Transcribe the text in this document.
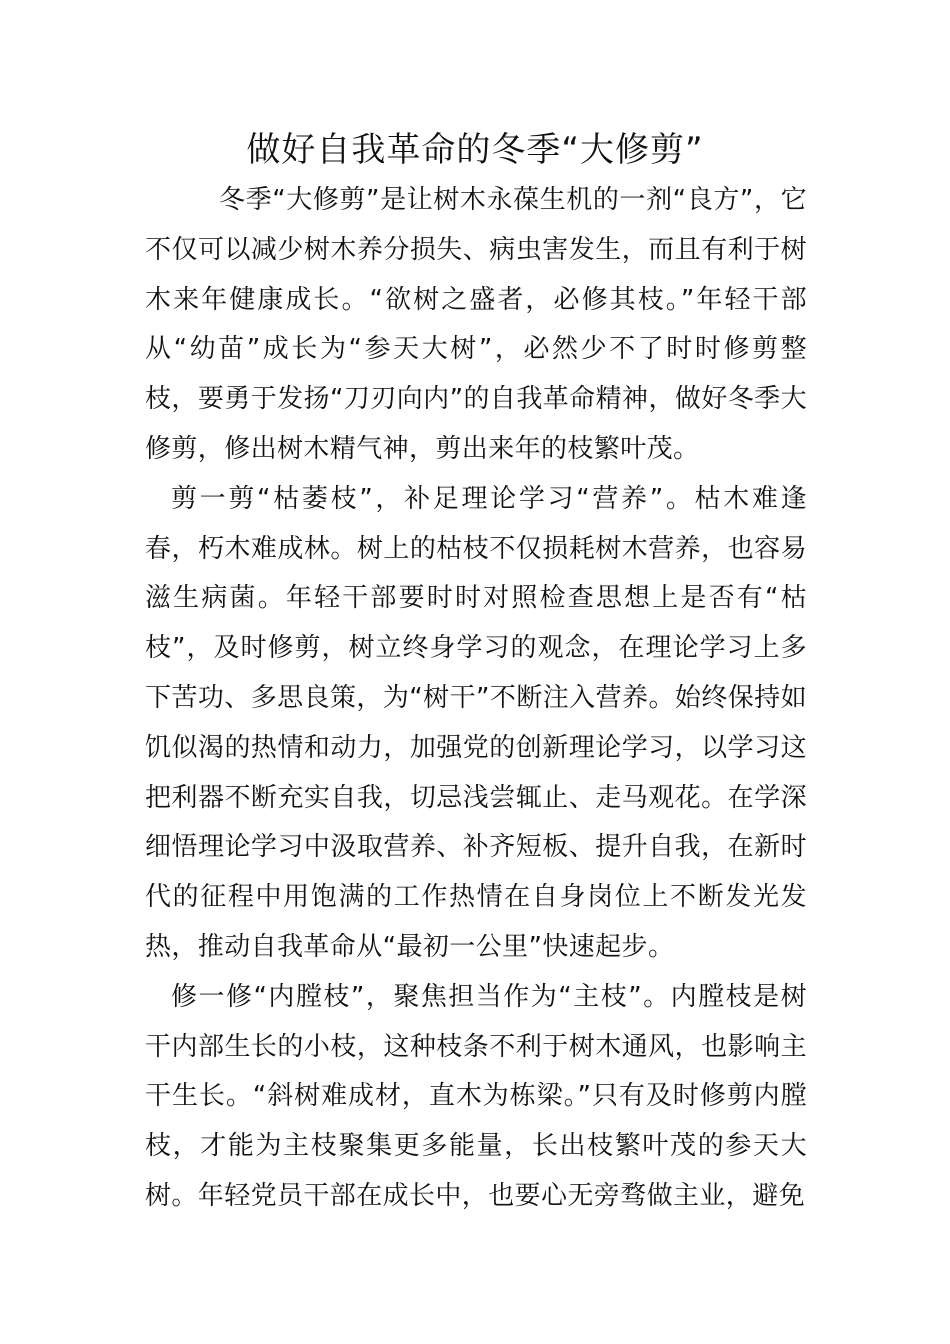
做好自我革命的冬季“大修剪”

冬季“大修剪”是让树木永葆生机的一剂“良方”，它不仅可以减少树木养分损失、病虫害发生，而且有利于树木来年健康成长。“欲树之盛者，必修其枝。”年轻干部从“幼苗”成长为“参天大树”，必然少不了时时修剪整枝，要勇于发扬“刀刃向内”的自我革命精神，做好冬季大修剪，修出树木精气神，剪出来年的枝繁叶茂。

剪一剪“枯萎枝”，补足理论学习“营养”。枯木难逢春，朽木难成林。树上的枯枝不仅损耗树木营养，也容易滋生病菌。年轻干部要时时对照检查思想上是否有“枯枝”，及时修剪，树立终身学习的观念，在理论学习上多下苦功、多思良策，为“树干”不断注入营养。始终保持如饥似渴的热情和动力，加强党的创新理论学习，以学习这把利器不断充实自我，切忌浅尝辄止、走马观花。在学深细悟理论学习中汲取营养、补齐短板、提升自我，在新时代的征程中用饱满的工作热情在自身岗位上不断发光发热，推动自我革命从“最初一公里”快速起步。

修一修“内膛枝”，聚焦担当作为“主枝”。内膛枝是树干内部生长的小枝，这种枝条不利于树木通风，也影响主干生长。“斜树难成材，直木为栋梁。”只有及时修剪内膛枝，才能为主枝聚集更多能量，长出枝繁叶茂的参天大树。年轻党员干部在成长中，也要心无旁骛做主业，避免
